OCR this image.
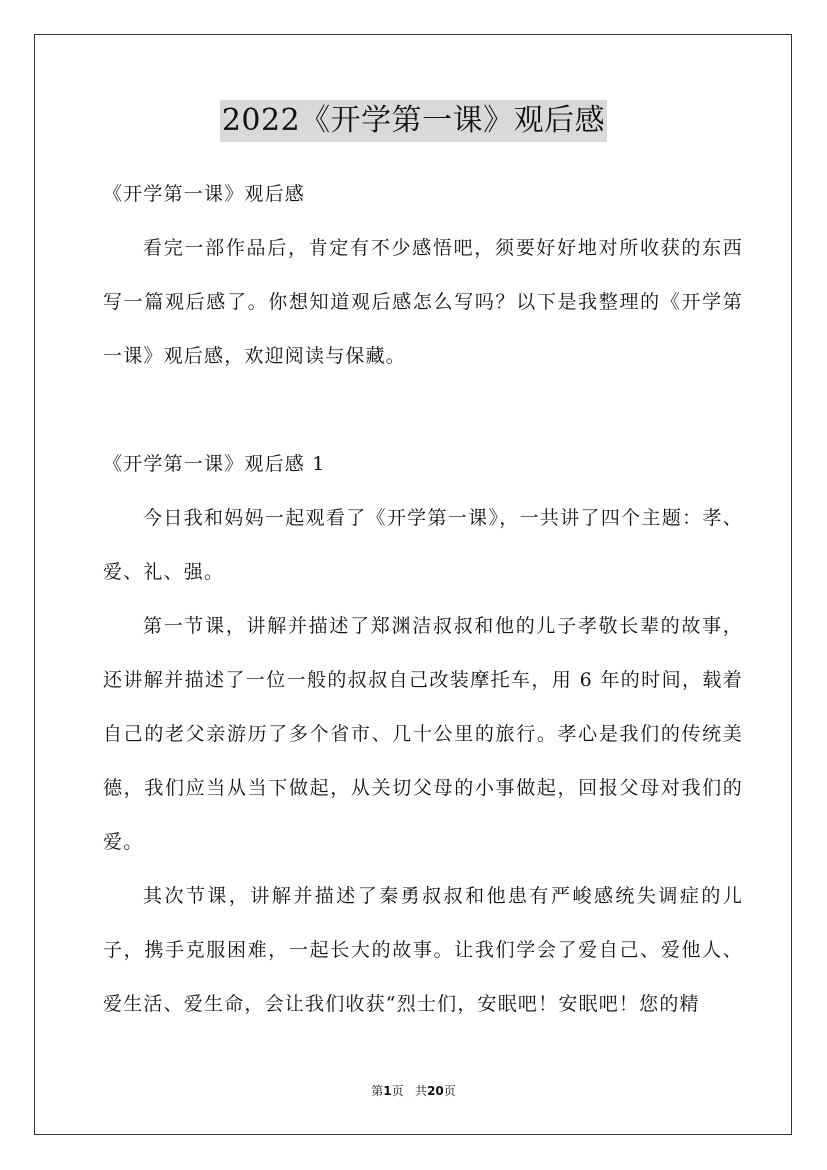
2022《开学第一课》观后感

《开学第一课》观后感

看完一部作品后，肯定有不少感悟吧，须要好好地对所收获的东西写一篇观后感了。你想知道观后感怎么写吗？以下是我整理的《开学第一课》观后感，欢迎阅读与保藏。

《开学第一课》观后感 1

今日我和妈妈一起观看了《开学第一课》，一共讲了四个主题：孝、爱、礼、强。

第一节课，讲解并描述了郑渊洁叔叔和他的儿子孝敬长辈的故事，还讲解并描述了一位一般的叔叔自己改装摩托车，用 6 年的时间，载着自己的老父亲游历了多个省市、几十公里的旅行。孝心是我们的传统美德，我们应当从当下做起，从关切父母的小事做起，回报父母对我们的爱。

其次节课，讲解并描述了秦勇叔叔和他患有严峻感统失调症的儿子，携手克服困难，一起长大的故事。让我们学会了爱自己、爱他人、爱生活、爱生命，会让我们收获“烈士们，安眠吧！安眠吧！您的精

第1页 共20页
